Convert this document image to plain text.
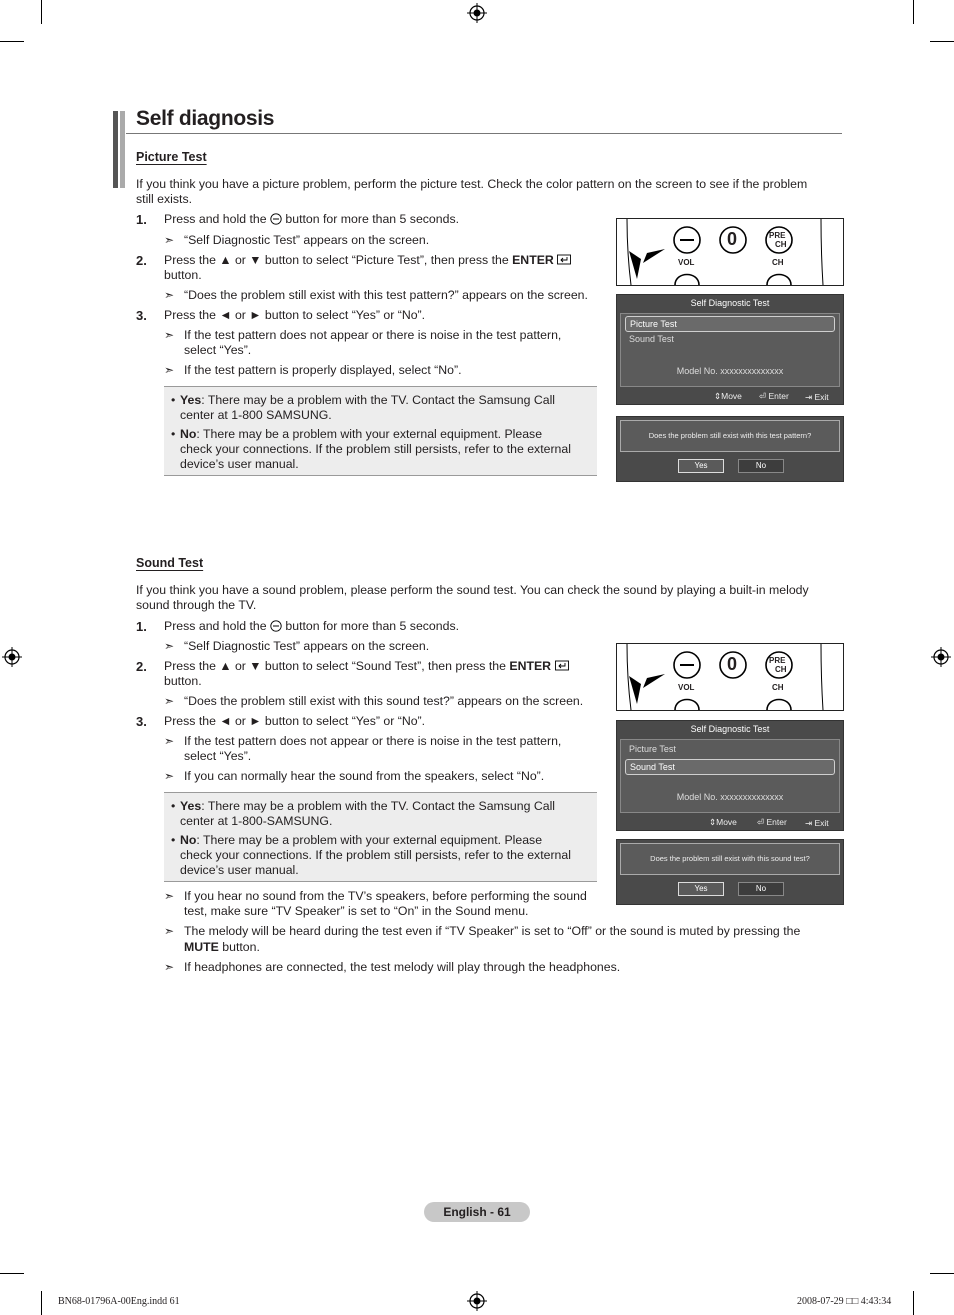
Self diagnosis
Picture Test
If you think you have a picture problem, perform the picture test. Check the color pattern on the screen to see if the problem
still exists.
1. Press and hold the button for more than 5 seconds.
➣ “Self Diagnostic Test” appears on the screen.
2. Press the ▲ or ▼ button to select “Picture Test”, then press the ENTER
button.
➣ “Does the problem still exist with this test pattern?” appears on the screen.
3. Press the ◄ or ► button to select “Yes” or “No”.
➣ If the test pattern does not appear or there is noise in the test pattern,
select “Yes”.
➣ If the test pattern is properly displayed, select “No”.
• Yes: There may be a problem with the TV. Contact the Samsung Call
center at 1-800 SAMSUNG.
• No: There may be a problem with your external equipment. Please
check your connections. If the problem still persists, refer to the external
device’s user manual.
0	PRE
CH
VOL	CH
Self Diagnostic Test
Picture Test
Sound Test
Model No. xxxxxxxxxxxxxx
⇕Move ⏎ Enter ⇥ Exit
Does the problem still exist with this test pattern?
Yes	No
Sound Test
If you think you have a sound problem, please perform the sound test. You can check the sound by playing a built-in melody
sound through the TV.
1. Press and hold the button for more than 5 seconds.
➣ “Self Diagnostic Test” appears on the screen.
2. Press the ▲ or ▼ button to select “Sound Test”, then press the ENTER
button.
➣ “Does the problem still exist with this sound test?” appears on the screen.
3. Press the ◄ or ► button to select “Yes” or “No”.
➣ If the test pattern does not appear or there is noise in the test pattern,
select “Yes”.
➣ If you can normally hear the sound from the speakers, select “No”.
• Yes: There may be a problem with the TV. Contact the Samsung Call
center at 1-800-SAMSUNG.
• No: There may be a problem with your external equipment. Please
check your connections. If the problem still persists, refer to the external
device’s user manual.
➣ If you hear no sound from the TV’s speakers, before performing the sound
test, make sure “TV Speaker” is set to “On” in the Sound menu.
➣ The melody will be heard during the test even if “TV Speaker” is set to “Off” or the sound is muted by pressing the
MUTE button.
➣ If headphones are connected, the test melody will play through the headphones.
0	PRE
CH
VOL	CH
Self Diagnostic Test
Picture Test
Sound Test
Model No. xxxxxxxxxxxxxx
⇕Move ⏎ Enter ⇥ Exit
Does the problem still exist with this sound test?
Yes	No
English - 61
BN68-01796A-00Eng.indd 61	2008-07-29 □□ 4:43:34
